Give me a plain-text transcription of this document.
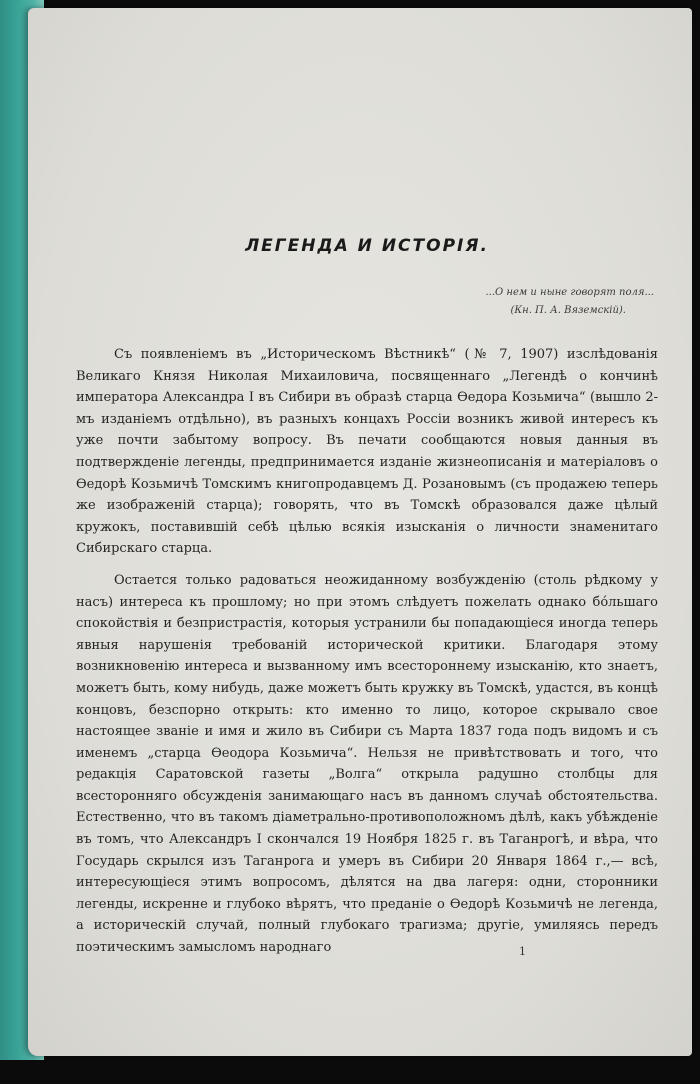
ЛЕГЕНДА И ИСТОРІЯ.
...О нем и ныне говорят поля...
(Кн. П. А. Вяземскій).

Съ появленіемъ въ „Историческомъ Вѣстникѣ“ (№ 7, 1907) изслѣдованія Великаго Князя Николая Михаиловича, посвященнаго „Легендѣ о кончинѣ императора Александра I въ Сибири въ образѣ старца Ѳедора Козьмича“ (вышло 2-мъ изданіемъ отдѣльно), въ разныхъ концахъ Россіи возникъ живой интересъ къ уже почти забытому вопросу. Въ печати сообщаются новыя данныя въ подтвержденіе легенды, предпринимается изданіе жизнеописанія и матеріаловъ о Ѳедорѣ Козьмичѣ Томскимъ книгопродавцемъ Д. Розановымъ (съ продажею теперь же изображеній старца); говорять, что въ Томскѣ образовался даже цѣлый кружокъ, поставившій себѣ цѣлью всякія изысканія о личности знаменитаго Сибирскаго старца.

Остается только радоваться неожиданному возбужденію (столь рѣдкому у насъ) интереса къ прошлому; но при этомъ слѣдуетъ пожелать однако бо́льшаго спокойствія и безпристрастія, которыя устранили бы попадающіеся иногда теперь явныя нарушенія требованій исторической критики. Благодаря этому возникновенію интереса и вызванному имъ всестороннему изысканію, кто знаетъ, можетъ быть, кому нибудь, даже можетъ быть кружку въ Томскѣ, удастся, въ концѣ концовъ, безспорно открыть: кто именно то лицо, которое скрывало свое настоящее званіе и имя и жило въ Сибири съ Марта 1837 года подъ видомъ и съ именемъ „старца Ѳеодора Козьмича“. Нельзя не привѣтствовать и того, что редакція Саратовской газеты „Волга“ открыла радушно столбцы для всесторонняго обсужденія занимающаго насъ въ данномъ случаѣ обстоятельства. Естественно, что въ такомъ діаметрально-противоположномъ дѣлѣ, какъ убѣжденіе въ томъ, что Александръ I скончался 19 Ноября 1825 г. въ Таганрогѣ, и вѣра, что Государь скрылся изъ Таганрога и умеръ въ Сибири 20 Января 1864 г.,— всѣ, интересующіеся этимъ вопросомъ, дѣлятся на два лагеря: одни, сторонники легенды, искренне и глубоко вѣрятъ, что преданіе о Ѳедорѣ Козьмичѣ не легенда, а историческій случай, полный глубокаго трагизма; другіе, умиляясь передъ поэтическимъ замысломъ народнаго	1
